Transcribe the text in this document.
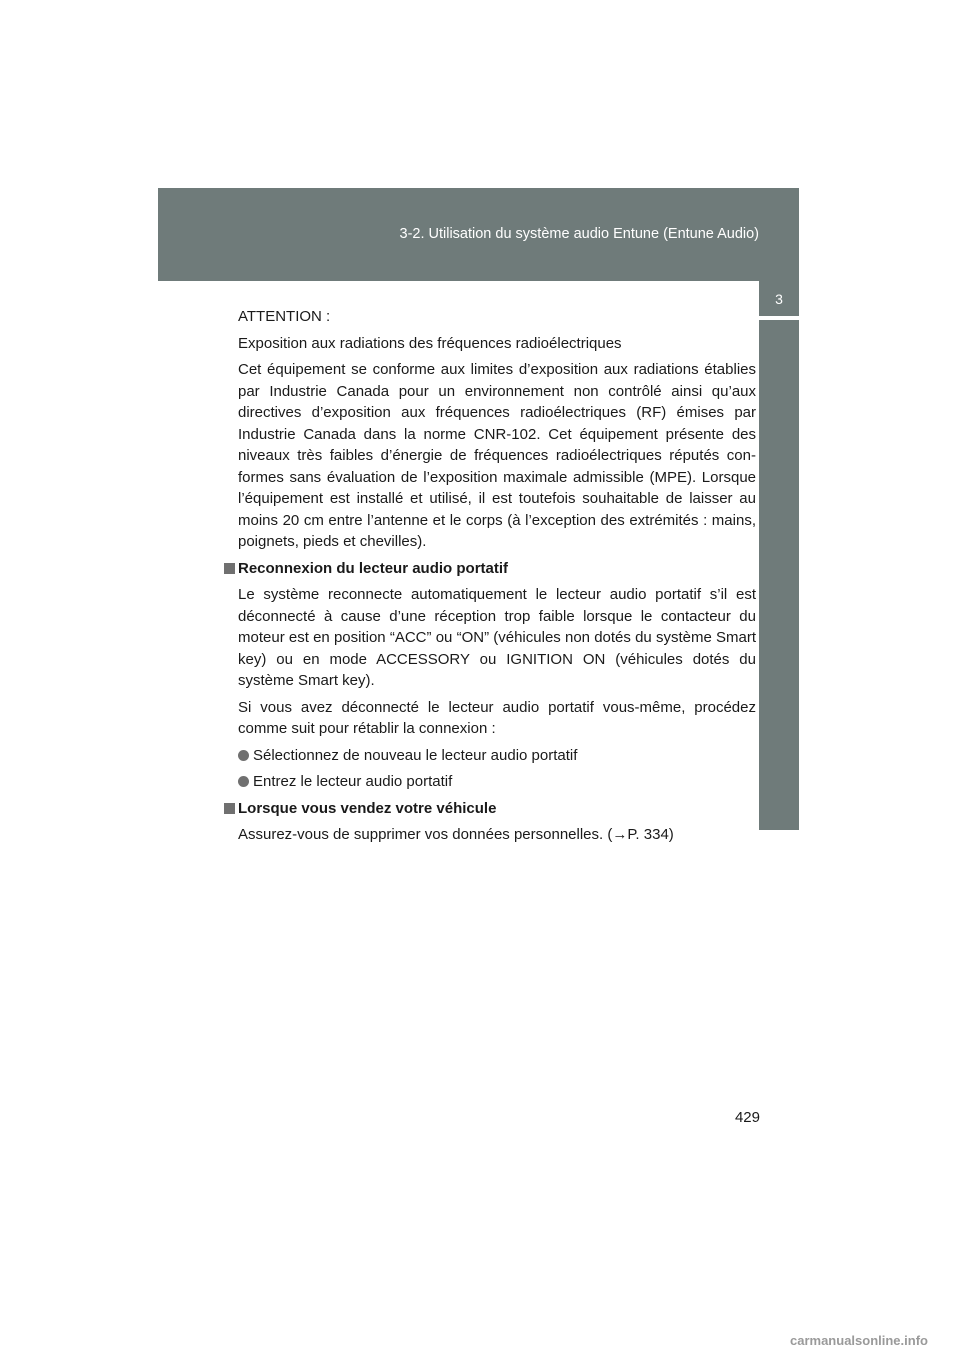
3-2. Utilisation du système audio Entune (Entune Audio)
3
Caractéristiques de l’habitacle

ATTENTION :

Exposition aux radiations des fréquences radioélectriques

Cet équipement se conforme aux limites d’exposition aux radiations établies par Industrie Canada pour un environnement non contrôlé ainsi qu’aux directives d’exposition aux fréquences radioélectriques (RF) émises par Industrie Canada dans la norme CNR-102. Cet équipement présente des niveaux très faibles d’énergie de fréquences radioélectriques réputés con-formes sans évaluation de l’exposition maximale admissible (MPE). Lorsque l’équipement est installé et utilisé, il est toutefois souhaitable de laisser au moins 20 cm entre l’antenne et le corps (à l’exception des extrémités : mains, poignets, pieds et chevilles).

Reconnexion du lecteur audio portatif

Le système reconnecte automatiquement le lecteur audio portatif s’il est déconnecté à cause d’une réception trop faible lorsque le contacteur du moteur est en position “ACC” ou “ON” (véhicules non dotés du système Smart key) ou en mode ACCESSORY ou IGNITION ON (véhicules dotés du système Smart key).

Si vous avez déconnecté le lecteur audio portatif vous-même, procédez comme suit pour rétablir la connexion :

Sélectionnez de nouveau le lecteur audio portatif
Entrez le lecteur audio portatif
Lorsque vous vendez votre véhicule

Assurez-vous de supprimer vos données personnelles. (→P. 334)

429
carmanualsonline.info
